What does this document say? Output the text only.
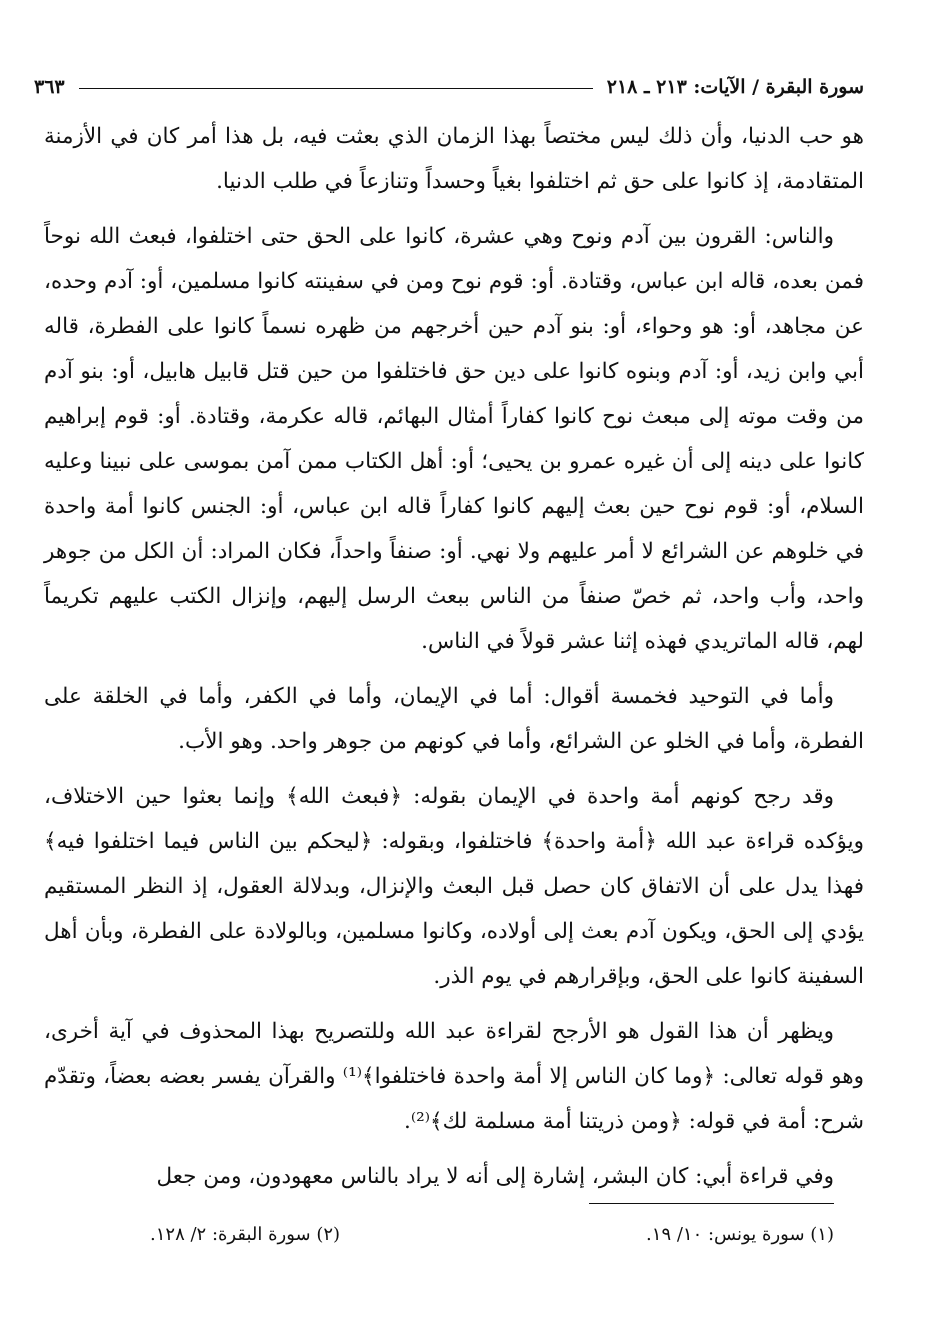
سورة البقرة / الآيات: ٢١٣ ـ ٢١٨
٣٦٣

هو حب الدنيا، وأن ذلك ليس مختصاً بهذا الزمان الذي بعثت فيه، بل هذا أمر كان في الأزمنة المتقادمة، إذ كانوا على حق ثم اختلفوا بغياً وحسداً وتنازعاً في طلب الدنيا.

والناس: القرون بين آدم ونوح وهي عشرة، كانوا على الحق حتى اختلفوا، فبعث الله نوحاً فمن بعده، قاله ابن عباس، وقتادة. أو: قوم نوح ومن في سفينته كانوا مسلمين، أو: آدم وحده، عن مجاهد، أو: هو وحواء، أو: بنو آدم حين أخرجهم من ظهره نسماً كانوا على الفطرة، قاله أبي وابن زيد، أو: آدم وبنوه كانوا على دين حق فاختلفوا من حين قتل قابيل هابيل، أو: بنو آدم من وقت موته إلى مبعث نوح كانوا كفاراً أمثال البهائم، قاله عكرمة، وقتادة. أو: قوم إبراهيم كانوا على دينه إلى أن غيره عمرو بن يحيى؛ أو: أهل الكتاب ممن آمن بموسى على نبينا وعليه السلام، أو: قوم نوح حين بعث إليهم كانوا كفاراً قاله ابن عباس، أو: الجنس كانوا أمة واحدة في خلوهم عن الشرائع لا أمر عليهم ولا نهي. أو: صنفاً واحداً، فكان المراد: أن الكل من جوهر واحد، وأب واحد، ثم خصّ صنفاً من الناس ببعث الرسل إليهم، وإنزال الكتب عليهم تكريماً لهم، قاله الماتريدي فهذه إثنا عشر قولاً في الناس.

وأما في التوحيد فخمسة أقوال: أما في الإيمان، وأما في الكفر، وأما في الخلقة على الفطرة، وأما في الخلو عن الشرائع، وأما في كونهم من جوهر واحد. وهو الأب.

وقد رجح كونهم أمة واحدة في الإيمان بقوله: ﴿فبعث الله﴾ وإنما بعثوا حين الاختلاف، ويؤكده قراءة عبد الله ﴿أمة واحدة﴾ فاختلفوا، وبقوله: ﴿ليحكم بين الناس فيما اختلفوا فيه﴾ فهذا يدل على أن الاتفاق كان حصل قبل البعث والإنزال، وبدلالة العقول، إذ النظر المستقيم يؤدي إلى الحق، ويكون آدم بعث إلى أولاده، وكانوا مسلمين، وبالولادة على الفطرة، وبأن أهل السفينة كانوا على الحق، وبإقرارهم في يوم الذر.

ويظهر أن هذا القول هو الأرجح لقراءة عبد الله وللتصريح بهذا المحذوف في آية أخرى، وهو قوله تعالى: ﴿وما كان الناس إلا أمة واحدة فاختلفوا﴾⁽¹⁾ والقرآن يفسر بعضه بعضاً، وتقدّم شرح: أمة في قوله: ﴿ومن ذريتنا أمة مسلمة لك﴾⁽²⁾.

وفي قراءة أبي: كان البشر، إشارة إلى أنه لا يراد بالناس معهودون، ومن جعل

(١) سورة يونس: ١٠/ ١٩.
(٢) سورة البقرة: ٢/ ١٢٨.
